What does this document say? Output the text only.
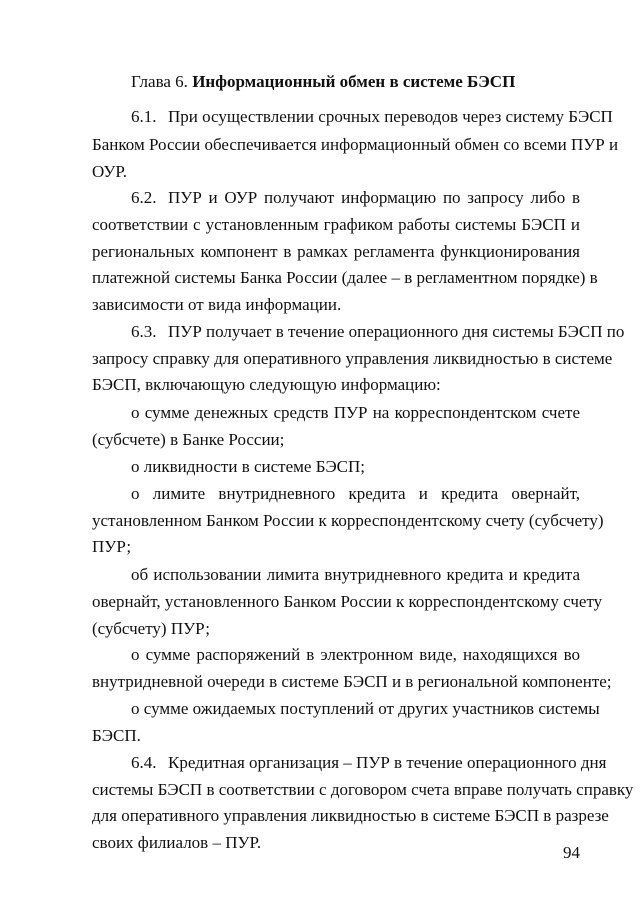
Глава 6. Информационный обмен в системе БЭСП
6.1. При осуществлении срочных переводов через систему БЭСП
Банком России обеспечивается информационный обмен со всеми ПУР и
ОУР.
6.2. ПУР и ОУР получают информацию по запросу либо в
соответствии с установленным графиком работы системы БЭСП и
региональных компонент в рамках регламента функционирования
платежной системы Банка России (далее – в регламентном порядке) в
зависимости от вида информации.
6.3. ПУР получает в течение операционного дня системы БЭСП по
запросу справку для оперативного управления ликвидностью в системе
БЭСП, включающую следующую информацию:
о сумме денежных средств ПУР на корреспондентском счете
(субсчете) в Банке России;
о ликвидности в системе БЭСП;
о лимите внутридневного кредита и кредита овернайт,
установленном Банком России к корреспондентскому счету (субсчету)
ПУР;
об использовании лимита внутридневного кредита и кредита
овернайт, установленного Банком России к корреспондентскому счету
(субсчету) ПУР;
о сумме распоряжений в электронном виде, находящихся во
внутридневной очереди в системе БЭСП и в региональной компоненте;
о сумме ожидаемых поступлений от других участников системы
БЭСП.
6.4. Кредитная организация – ПУР в течение операционного дня
системы БЭСП в соответствии с договором счета вправе получать справку
для оперативного управления ликвидностью в системе БЭСП в разрезе
своих филиалов – ПУР.
94
